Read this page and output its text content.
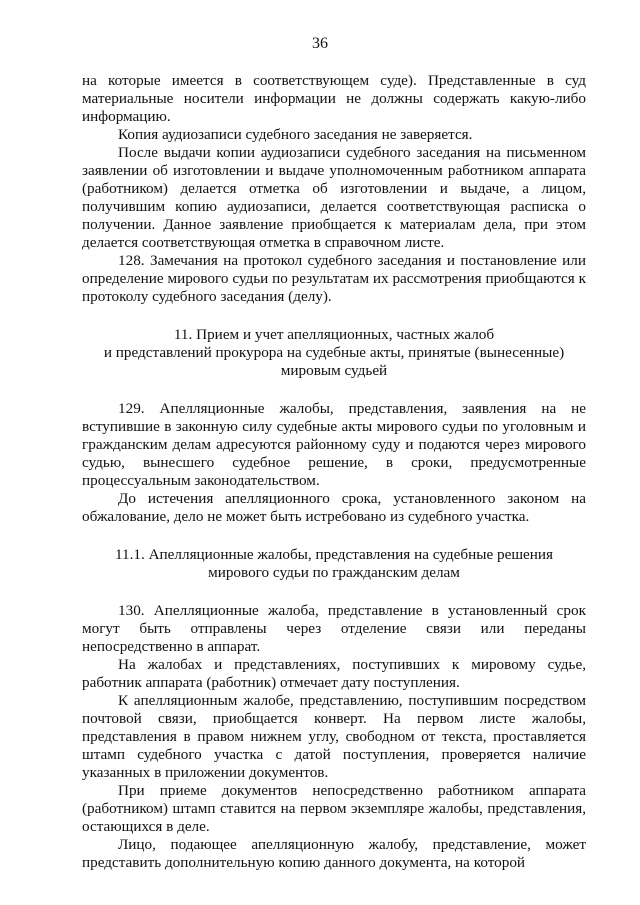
36

на которые имеется в соответствующем суде). Представленные в суд материальные носители информации не должны содержать какую-либо информацию.

Копия аудиозаписи судебного заседания не заверяется.

После выдачи копии аудиозаписи судебного заседания на письменном заявлении об изготовлении и выдаче уполномоченным работником аппарата (работником) делается отметка об изготовлении и выдаче, а лицом, получившим копию аудиозаписи, делается соответствующая расписка о получении. Данное заявление приобщается к материалам дела, при этом делается соответствующая отметка в справочном листе.

128. Замечания на протокол судебного заседания и постановление или определение мирового судьи по результатам их рассмотрения приобщаются к протоколу судебного заседания (делу).

11. Прием и учет апелляционных, частных жалоб

и представлений прокурора на судебные акты, принятые (вынесенные)

мировым судьей

129. Апелляционные жалобы, представления, заявления на не вступившие в законную силу судебные акты мирового судьи по уголовным и гражданским делам адресуются районному суду и подаются через мирового судью, вынесшего судебное решение, в сроки, предусмотренные процессуальным законодательством.

До истечения апелляционного срока, установленного законом на обжалование, дело не может быть истребовано из судебного участка.

11.1. Апелляционные жалобы, представления на судебные решения

мирового судьи по гражданским делам

130. Апелляционные жалоба, представление в установленный срок могут быть отправлены через отделение связи или переданы непосредственно в аппарат.

На жалобах и представлениях, поступивших к мировому судье, работник аппарата (работник) отмечает дату поступления.

К апелляционным жалобе, представлению, поступившим посредством почтовой связи, приобщается конверт. На первом листе жалобы, представления в правом нижнем углу, свободном от текста, проставляется штамп судебного участка с датой поступления, проверяется наличие указанных в приложении документов.

При приеме документов непосредственно работником аппарата (работником) штамп ставится на первом экземпляре жалобы, представления, остающихся в деле.

Лицо, подающее апелляционную жалобу, представление, может представить дополнительную копию данного документа, на которой
